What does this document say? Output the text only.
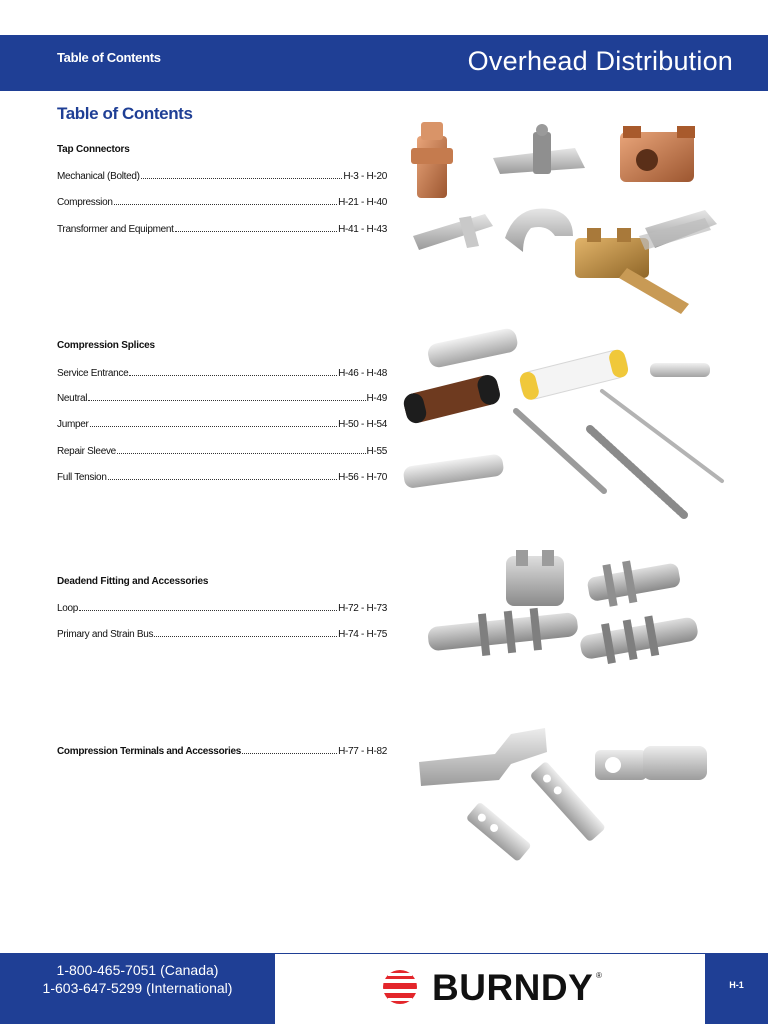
Table of Contents	Overhead Distribution
Table of Contents
Tap Connectors
Mechanical (Bolted)	H-3 - H-20
Compression	H-21 - H-40
Transformer and Equipment	H-41 - H-43
Compression Splices
Service Entrance	H-46 - H-48
Neutral	H-49
Jumper	H-50 - H-54
Repair Sleeve	H-55
Full Tension	H-56 - H-70
Deadend Fitting and Accessories
Loop	H-72 - H-73
Primary and Strain Bus	H-74 - H-75
Compression Terminals and Accessories	H-77 - H-82
1-800-465-7051 (Canada)
1-603-647-5299 (International)	H-1
BURNDY ®
